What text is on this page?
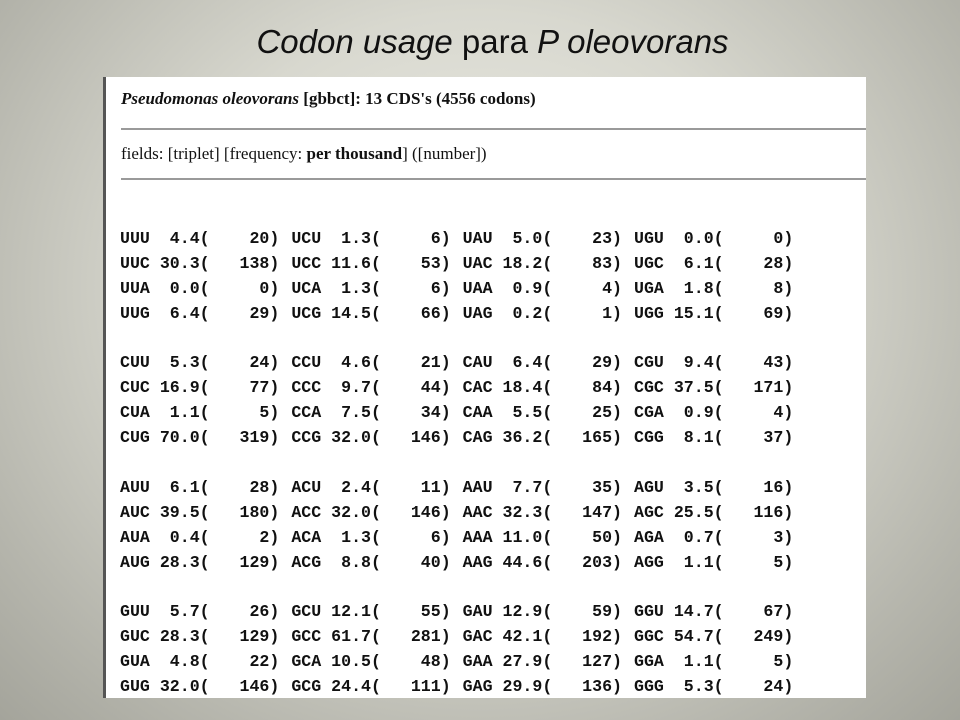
Codon usage para P oleovorans
Pseudomonas oleovorans [gbbct]: 13 CDS's (4556 codons)
fields: [triplet] [frequency: per thousand] ([number])
UUU  4.4(    20) UCU  1.3(     6) UAU  5.0(    23) UGU  0.0(     0)
UUC 30.3(   138) UCC 11.6(    53) UAC 18.2(    83) UGC  6.1(    28)
UUA  0.0(     0) UCA  1.3(     6) UAA  0.9(     4) UGA  1.8(     8)
UUG  6.4(    29) UCG 14.5(    66) UAG  0.2(     1) UGG 15.1(    69)
CUU  5.3(    24) CCU  4.6(    21) CAU  6.4(    29) CGU  9.4(    43)
CUC 16.9(    77) CCC  9.7(    44) CAC 18.4(    84) CGC 37.5(   171)
CUA  1.1(     5) CCA  7.5(    34) CAA  5.5(    25) CGA  0.9(     4)
CUG 70.0(   319) CCG 32.0(   146) CAG 36.2(   165) CGG  8.1(    37)
AUU  6.1(    28) ACU  2.4(    11) AAU  7.7(    35) AGU  3.5(    16)
AUC 39.5(   180) ACC 32.0(   146) AAC 32.3(   147) AGC 25.5(   116)
AUA  0.4(     2) ACA  1.3(     6) AAA 11.0(    50) AGA  0.7(     3)
AUG 28.3(   129) ACG  8.8(    40) AAG 44.6(   203) AGG  1.1(     5)
GUU  5.7(    26) GCU 12.1(    55) GAU 12.9(    59) GGU 14.7(    67)
GUC 28.3(   129) GCC 61.7(   281) GAC 42.1(   192) GGC 54.7(   249)
GUA  4.8(    22) GCA 10.5(    48) GAA 27.9(   127) GGA  1.1(     5)
GUG 32.0(   146) GCG 24.4(   111) GAG 29.9(   136) GGG  5.3(    24)
